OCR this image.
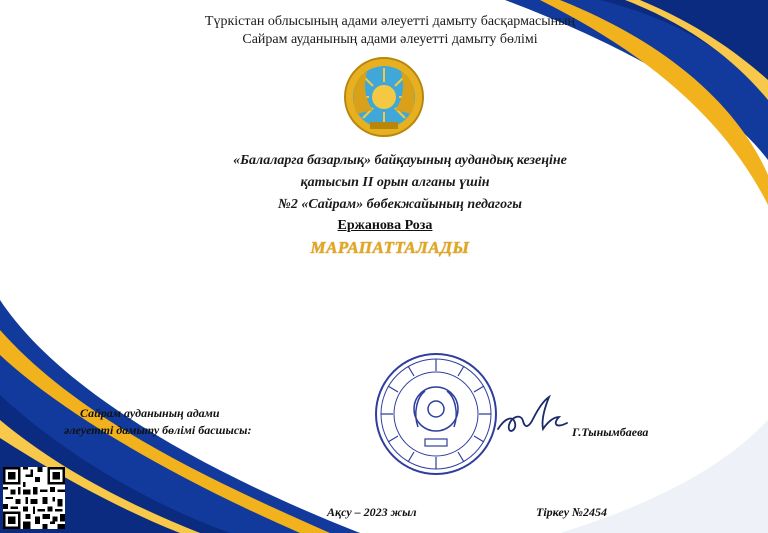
Түркістан облысының адами әлеуетті дамыту басқармасының
Сайрам ауданының адами әлеуетті дамыту бөлімі
«Балаларга базарлық» байқауының аудандық кезеңіне
қатысып II орын алганы үшін
№2 «Сайрам» бөбекжайының педагогы
Ержанова Роза
МАРАПАТТАЛАДЫ
Сайрам ауданының адами
әлеуетті дамыту бөлімі басшысы:	Г.Тынымбаева
Ақсу – 2023 жыл	Тіркеу №2454
